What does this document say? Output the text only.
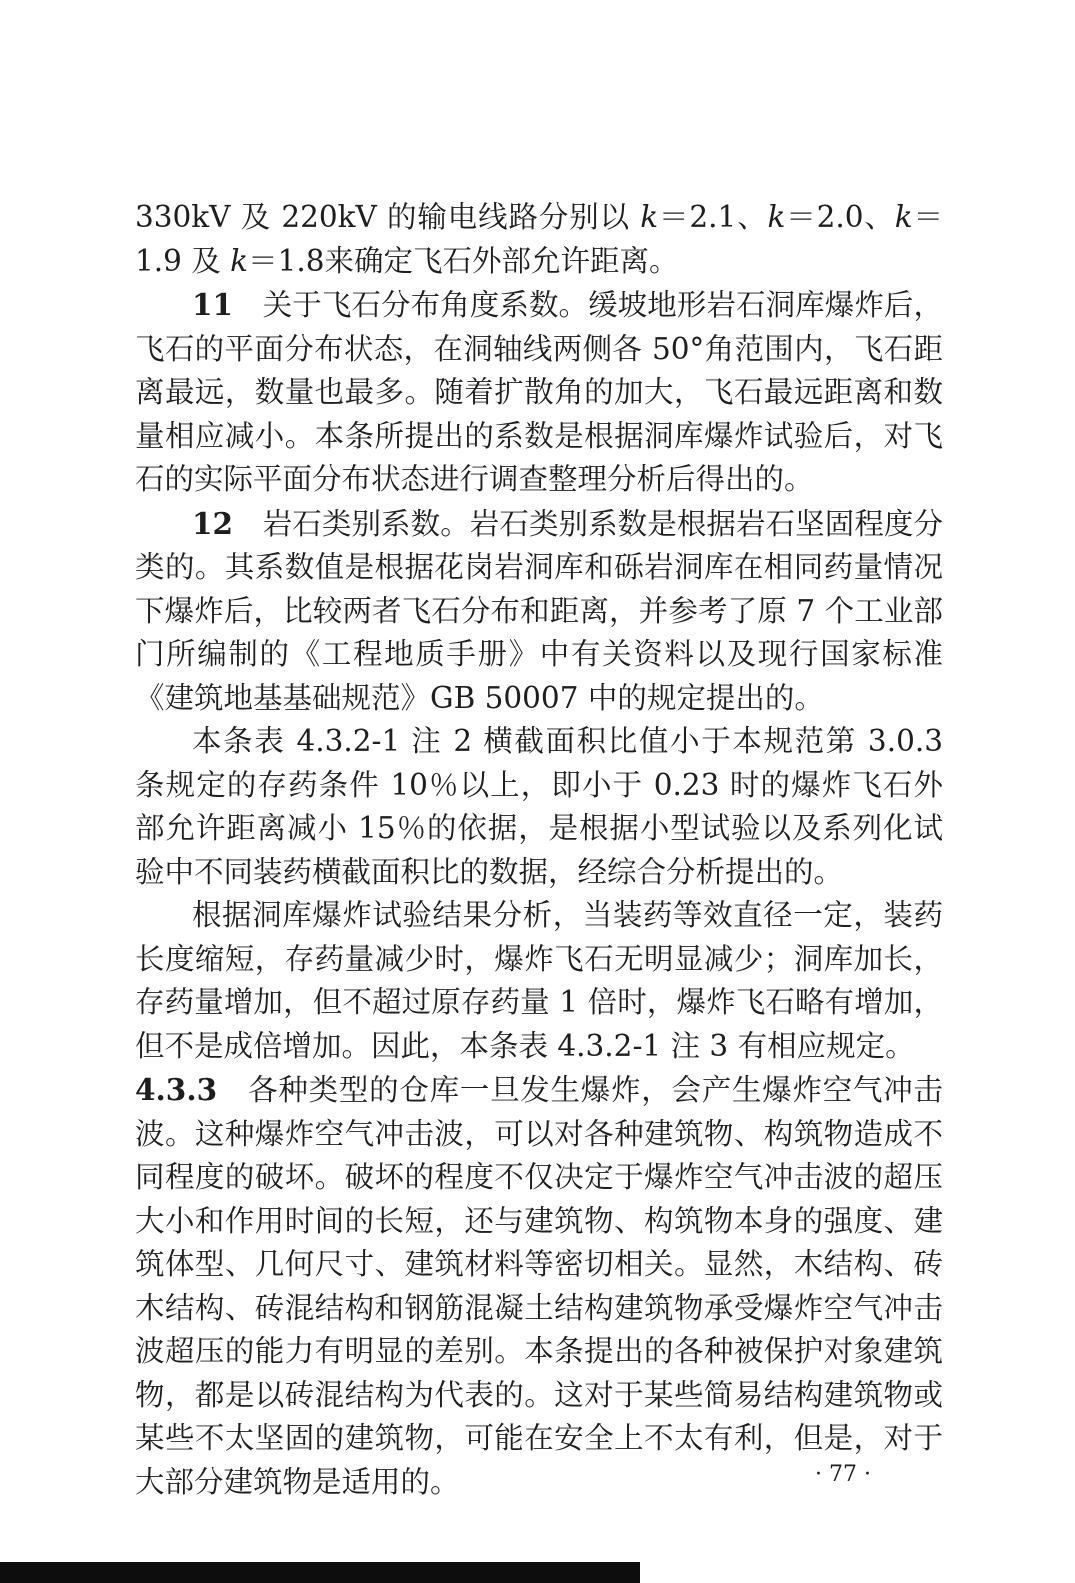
330kV 及 220kV 的输电线路分别以 k＝2.1、k＝2.0、k＝1.9 及 k＝1.8来确定飞石外部允许距离。

11　关于飞石分布角度系数。缓坡地形岩石洞库爆炸后，飞石的平面分布状态，在洞轴线两侧各 50°角范围内，飞石距离最远，数量也最多。随着扩散角的加大，飞石最远距离和数量相应减小。本条所提出的系数是根据洞库爆炸试验后，对飞石的实际平面分布状态进行调查整理分析后得出的。

12　岩石类别系数。岩石类别系数是根据岩石坚固程度分类的。其系数值是根据花岗岩洞库和砾岩洞库在相同药量情况下爆炸后，比较两者飞石分布和距离，并参考了原 7 个工业部门所编制的《工程地质手册》中有关资料以及现行国家标准《建筑地基基础规范》GB 50007 中的规定提出的。

本条表 4.3.2-1 注 2 横截面积比值小于本规范第 3.0.3 条规定的存药条件 10％以上，即小于 0.23 时的爆炸飞石外部允许距离减小 15％的依据，是根据小型试验以及系列化试验中不同装药横截面积比的数据，经综合分析提出的。

根据洞库爆炸试验结果分析，当装药等效直径一定，装药长度缩短，存药量减少时，爆炸飞石无明显减少；洞库加长，存药量增加，但不超过原存药量 1 倍时，爆炸飞石略有增加，但不是成倍增加。因此，本条表 4.3.2-1 注 3 有相应规定。

4.3.3　各种类型的仓库一旦发生爆炸，会产生爆炸空气冲击波。这种爆炸空气冲击波，可以对各种建筑物、构筑物造成不同程度的破坏。破坏的程度不仅决定于爆炸空气冲击波的超压大小和作用时间的长短，还与建筑物、构筑物本身的强度、建筑体型、几何尺寸、建筑材料等密切相关。显然，木结构、砖木结构、砖混结构和钢筋混凝土结构建筑物承受爆炸空气冲击波超压的能力有明显的差别。本条提出的各种被保护对象建筑物，都是以砖混结构为代表的。这对于某些简易结构建筑物或某些不太坚固的建筑物，可能在安全上不太有利，但是，对于大部分建筑物是适用的。	· 77 ·
